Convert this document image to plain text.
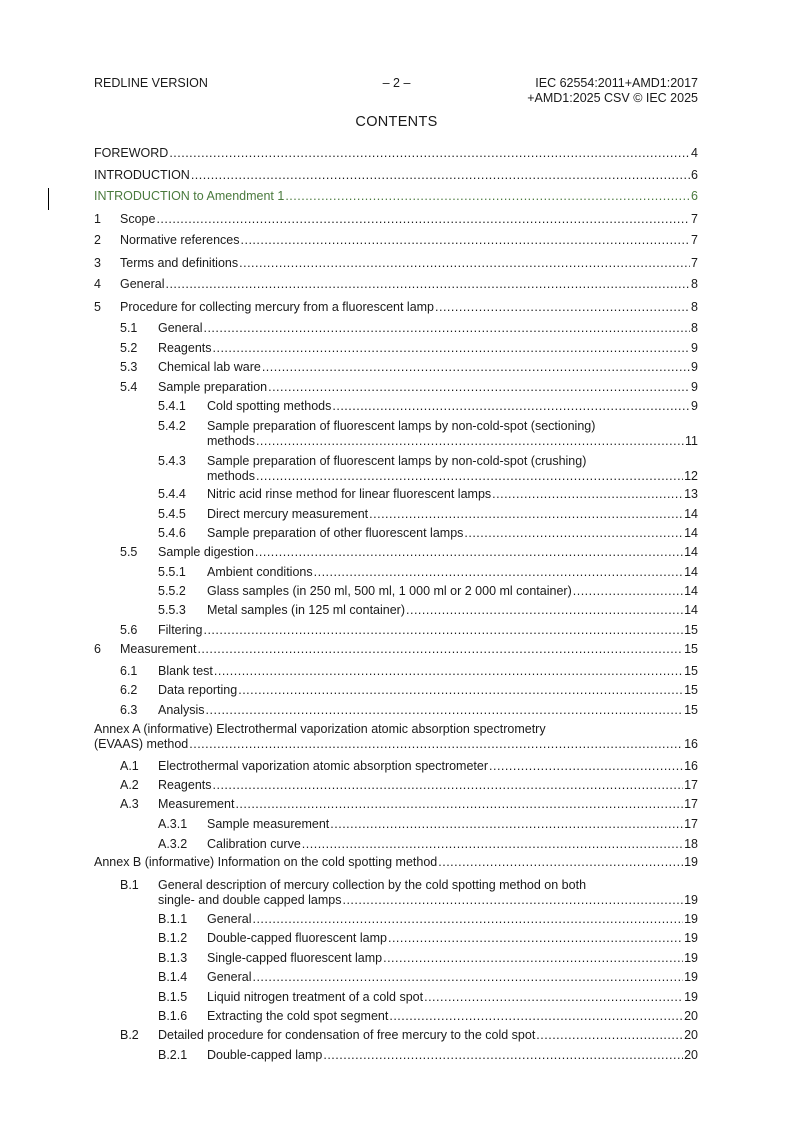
REDLINE VERSION	– 2 –	IEC 62554:2011+AMD1:2017
+AMD1:2025 CSV © IEC 2025
CONTENTS
FOREWORD .....	4
INTRODUCTION .....	6
INTRODUCTION to Amendment 1 .....	6
1 Scope .....	7
2 Normative references .....	7
3 Terms and definitions .....	7
4 General .....	8
5 Procedure for collecting mercury from a fluorescent lamp .....	8
5.1 General .....	8
5.2 Reagents .....	9
5.3 Chemical lab ware .....	9
5.4 Sample preparation .....	9
5.4.1 Cold spotting methods .....	9
5.4.2 Sample preparation of fluorescent lamps by non-cold-spot (sectioning)
methods .....	11
5.4.3 Sample preparation of fluorescent lamps by non-cold-spot (crushing)
methods .....	12
5.4.4 Nitric acid rinse method for linear fluorescent lamps .....	13
5.4.5 Direct mercury measurement .....	14
5.4.6 Sample preparation of other fluorescent lamps .....	14
5.5 Sample digestion .....	14
5.5.1 Ambient conditions .....	14
5.5.2 Glass samples (in 250 ml, 500 ml, 1 000 ml or 2 000 ml container) .....	14
5.5.3 Metal samples (in 125 ml container) .....	14
5.6 Filtering .....	15
6 Measurement .....	15
6.1 Blank test .....	15
6.2 Data reporting .....	15
6.3 Analysis .....	15
Annex A (informative) Electrothermal vaporization atomic absorption spectrometry
(EVAAS) method .....	16
A.1 Electrothermal vaporization atomic absorption spectrometer .....	16
A.2 Reagents .....	17
A.3 Measurement .....	17
A.3.1 Sample measurement .....	17
A.3.2 Calibration curve .....	18
Annex B (informative) Information on the cold spotting method .....	19
B.1 General description of mercury collection by the cold spotting method on both
single- and double capped lamps .....	19
B.1.1 General .....	19
B.1.2 Double-capped fluorescent lamp .....	19
B.1.3 Single-capped fluorescent lamp .....	19
B.1.4 General .....	19
B.1.5 Liquid nitrogen treatment of a cold spot .....	19
B.1.6 Extracting the cold spot segment .....	20
B.2 Detailed procedure for condensation of free mercury to the cold spot .....	20
B.2.1 Double-capped lamp .....	20
